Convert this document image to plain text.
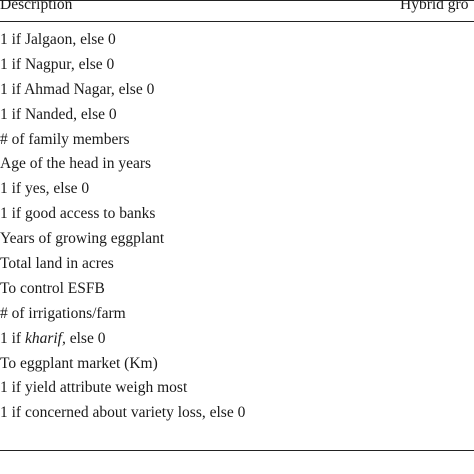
Description	Hybrid gro
1 if Jalgaon, else 0

1 if Nagpur, else 0

1 if Ahmad Nagar, else 0

1 if Nanded, else 0

# of family members

Age of the head in years

1 if yes, else 0

1 if good access to banks

Years of growing eggplant

Total land in acres

To control ESFB

# of irrigations/farm

1 if kharif, else 0

To eggplant market (Km)

1 if yield attribute weigh most

1 if concerned about variety loss, else 0
